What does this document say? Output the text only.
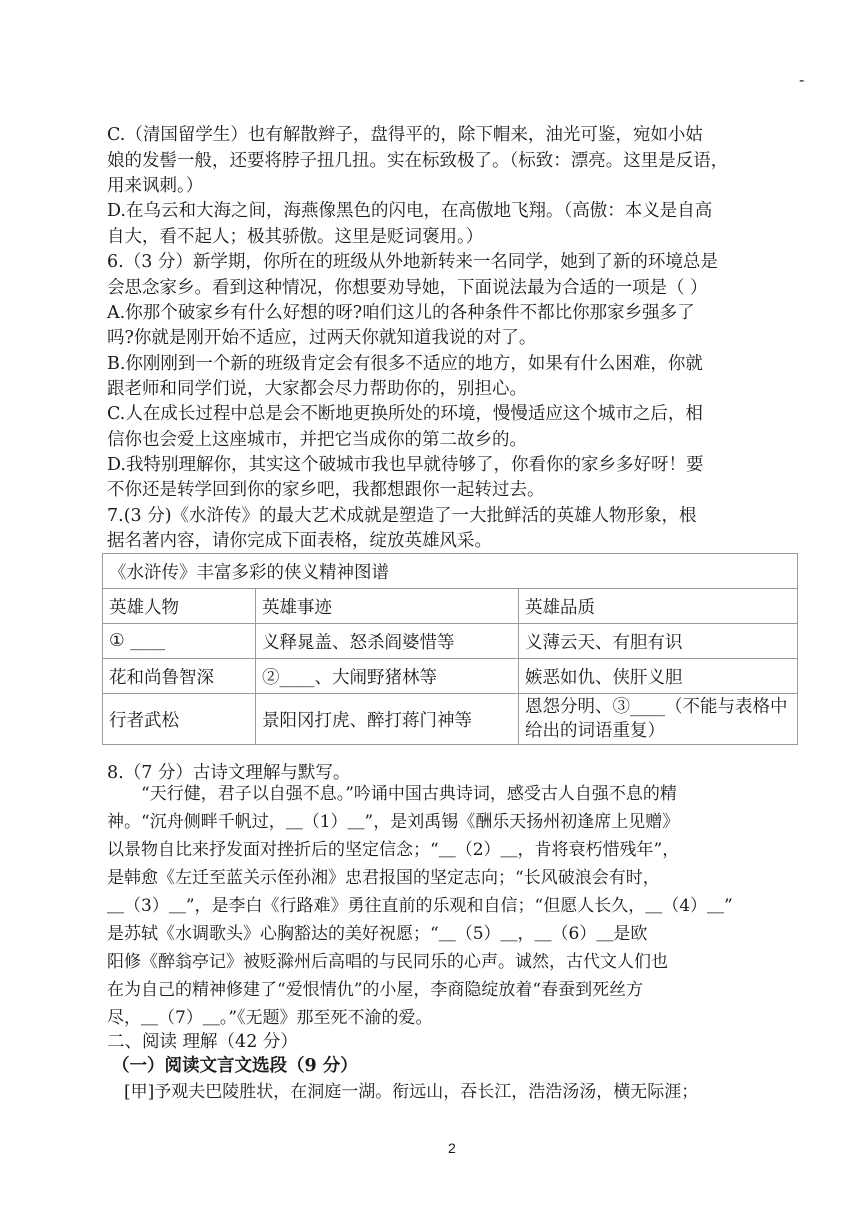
-
C.（清国留学生）也有解散辫子，盘得平的，除下帽来，油光可鉴，宛如小姑
娘的发髻一般，还要将脖子扭几扭。实在标致极了。（标致：漂亮。这里是反语，
用来讽刺。）
D.在乌云和大海之间，海燕像黑色的闪电，在高傲地飞翔。（高傲：本义是自高
自大，看不起人；极其骄傲。这里是贬词褒用。）
6.（3 分）新学期，你所在的班级从外地新转来一名同学，她到了新的环境总是
会思念家乡。看到这种情况，你想要劝导她，下面说法最为合适的一项是（ ）
A.你那个破家乡有什么好想的呀?咱们这儿的各种条件不都比你那家乡强多了
吗?你就是刚开始不适应，过两天你就知道我说的对了。
B.你刚刚到一个新的班级肯定会有很多不适应的地方，如果有什么困难，你就
跟老师和同学们说，大家都会尽力帮助你的，别担心。
C.人在成长过程中总是会不断地更换所处的环境，慢慢适应这个城市之后，相
信你也会爱上这座城市，并把它当成你的第二故乡的。
D.我特别理解你，其实这个破城市我也早就待够了，你看你的家乡多好呀！要
不你还是转学回到你的家乡吧，我都想跟你一起转过去。
7.(3 分)《水浒传》的最大艺术成就是塑造了一大批鲜活的英雄人物形象，根
据名著内容，请你完成下面表格，绽放英雄风采。
《水浒传》丰富多彩的侠义精神图谱		
英雄人物	英雄事迹	英雄品质
① ____	义释晁盖、怒杀阎婆惜等	义薄云天、有胆有识
花和尚鲁智深	②____、大闹野猪林等	嫉恶如仇、侠肝义胆
行者武松	景阳冈打虎、醉打蒋门神等	恩怨分明、③____（不能与表格中给出的词语重复）
8.（7 分）古诗文理解与默写。
　　“天行健，君子以自强不息。”吟诵中国古典诗词，感受古人自强不息的精
神。“沉舟侧畔千帆过，＿（1）＿”，是刘禹锡《酬乐天扬州初逢席上见赠》
以景物自比来抒发面对挫折后的坚定信念；“＿（2）＿，肯将衰朽惜残年”，
是韩愈《左迁至蓝关示侄孙湘》忠君报国的坚定志向；“长风破浪会有时，
＿（3）＿”，是李白《行路难》勇往直前的乐观和自信；“但愿人长久，＿（4）＿”
是苏轼《水调歌头》心胸豁达的美好祝愿；“＿（5）＿，＿（6）＿是欧
阳修《醉翁亭记》被贬滁州后高唱的与民同乐的心声。诚然，古代文人们也
在为自己的精神修建了“爱恨情仇”的小屋，李商隐绽放着“春蚕到死丝方
尽，＿（7）＿。”《无题》那至死不渝的爱。
二、阅读 理解（42 分）
（一）阅读文言文选段（9 分）
　[甲]予观夫巴陵胜状，在洞庭一湖。衔远山，吞长江，浩浩汤汤，横无际涯；
2
